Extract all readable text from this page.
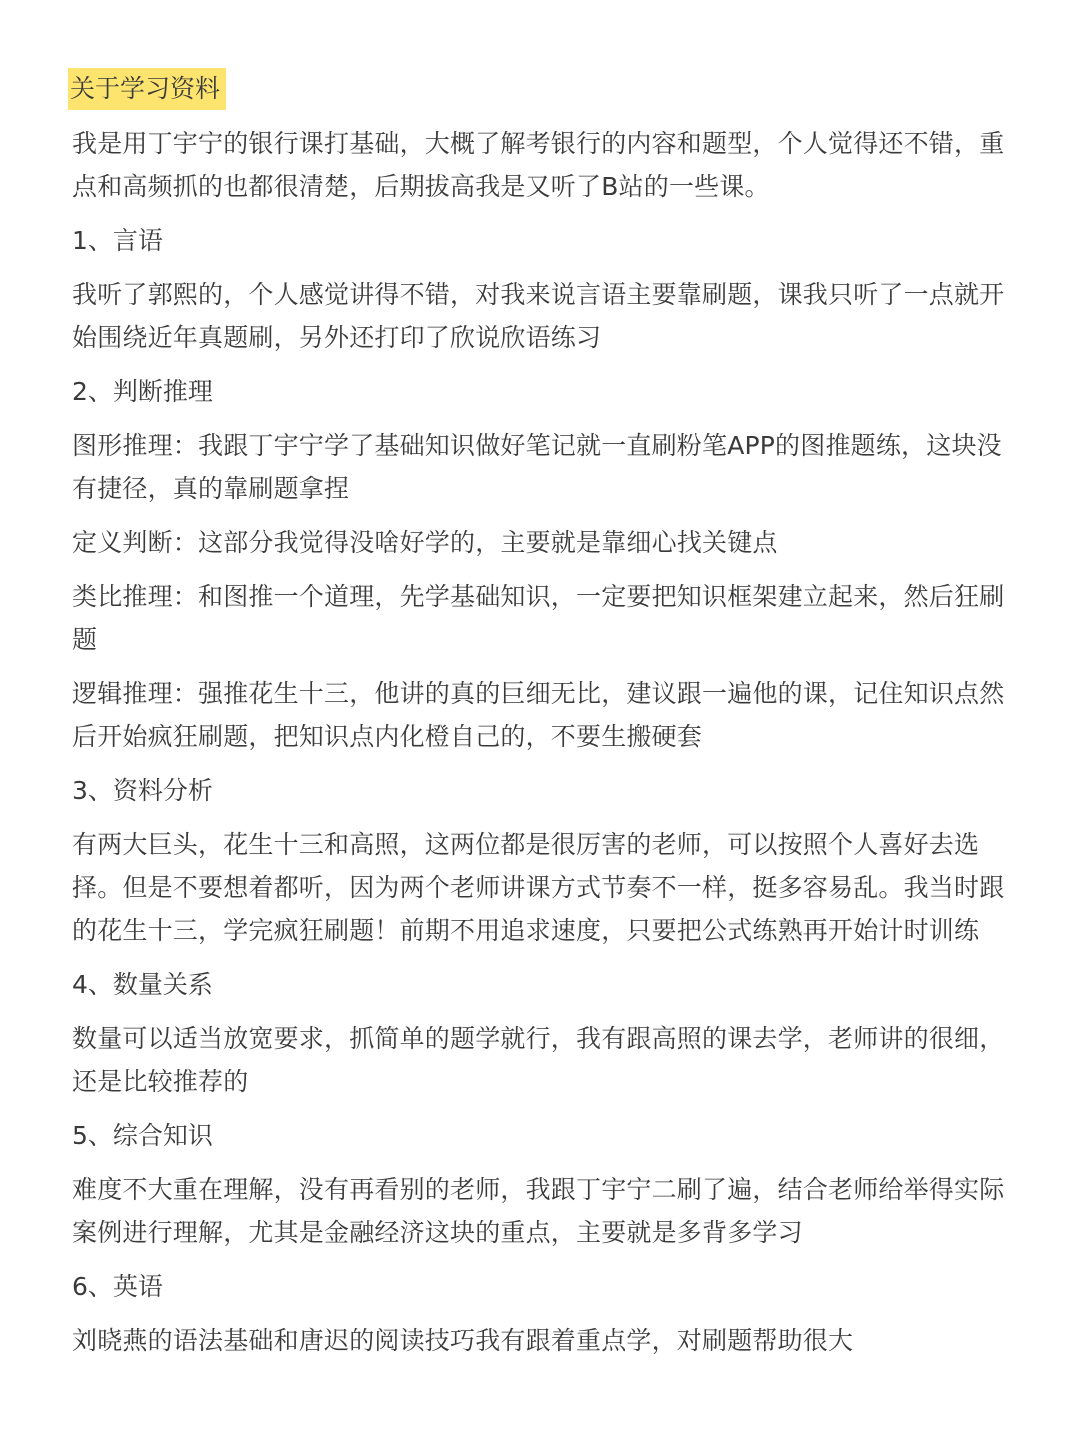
关于学习资料

我是用丁宇宁的银行课打基础，大概了解考银行的内容和题型，个人觉得还不错，重点和高频抓的也都很清楚，后期拔高我是又听了B站的一些课。

1、言语

我听了郭熙的，个人感觉讲得不错，对我来说言语主要靠刷题，课我只听了一点就开始围绕近年真题刷，另外还打印了欣说欣语练习

2、判断推理

图形推理：我跟丁宇宁学了基础知识做好笔记就一直刷粉笔APP的图推题练，这块没有捷径，真的靠刷题拿捏

定义判断：这部分我觉得没啥好学的，主要就是靠细心找关键点

类比推理：和图推一个道理，先学基础知识，一定要把知识框架建立起来，然后狂刷题

逻辑推理：强推花生十三，他讲的真的巨细无比，建议跟一遍他的课，记住知识点然后开始疯狂刷题，把知识点内化橙自己的，不要生搬硬套

3、资料分析

有两大巨头，花生十三和高照，这两位都是很厉害的老师，可以按照个人喜好去选择。但是不要想着都听，因为两个老师讲课方式节奏不一样，挺多容易乱。我当时跟的花生十三，学完疯狂刷题！前期不用追求速度，只要把公式练熟再开始计时训练

4、数量关系

数量可以适当放宽要求，抓简单的题学就行，我有跟高照的课去学，老师讲的很细，还是比较推荐的

5、综合知识

难度不大重在理解，没有再看别的老师，我跟丁宇宁二刷了遍，结合老师给举得实际案例进行理解，尤其是金融经济这块的重点，主要就是多背多学习

6、英语

刘晓燕的语法基础和唐迟的阅读技巧我有跟着重点学，对刷题帮助很大
